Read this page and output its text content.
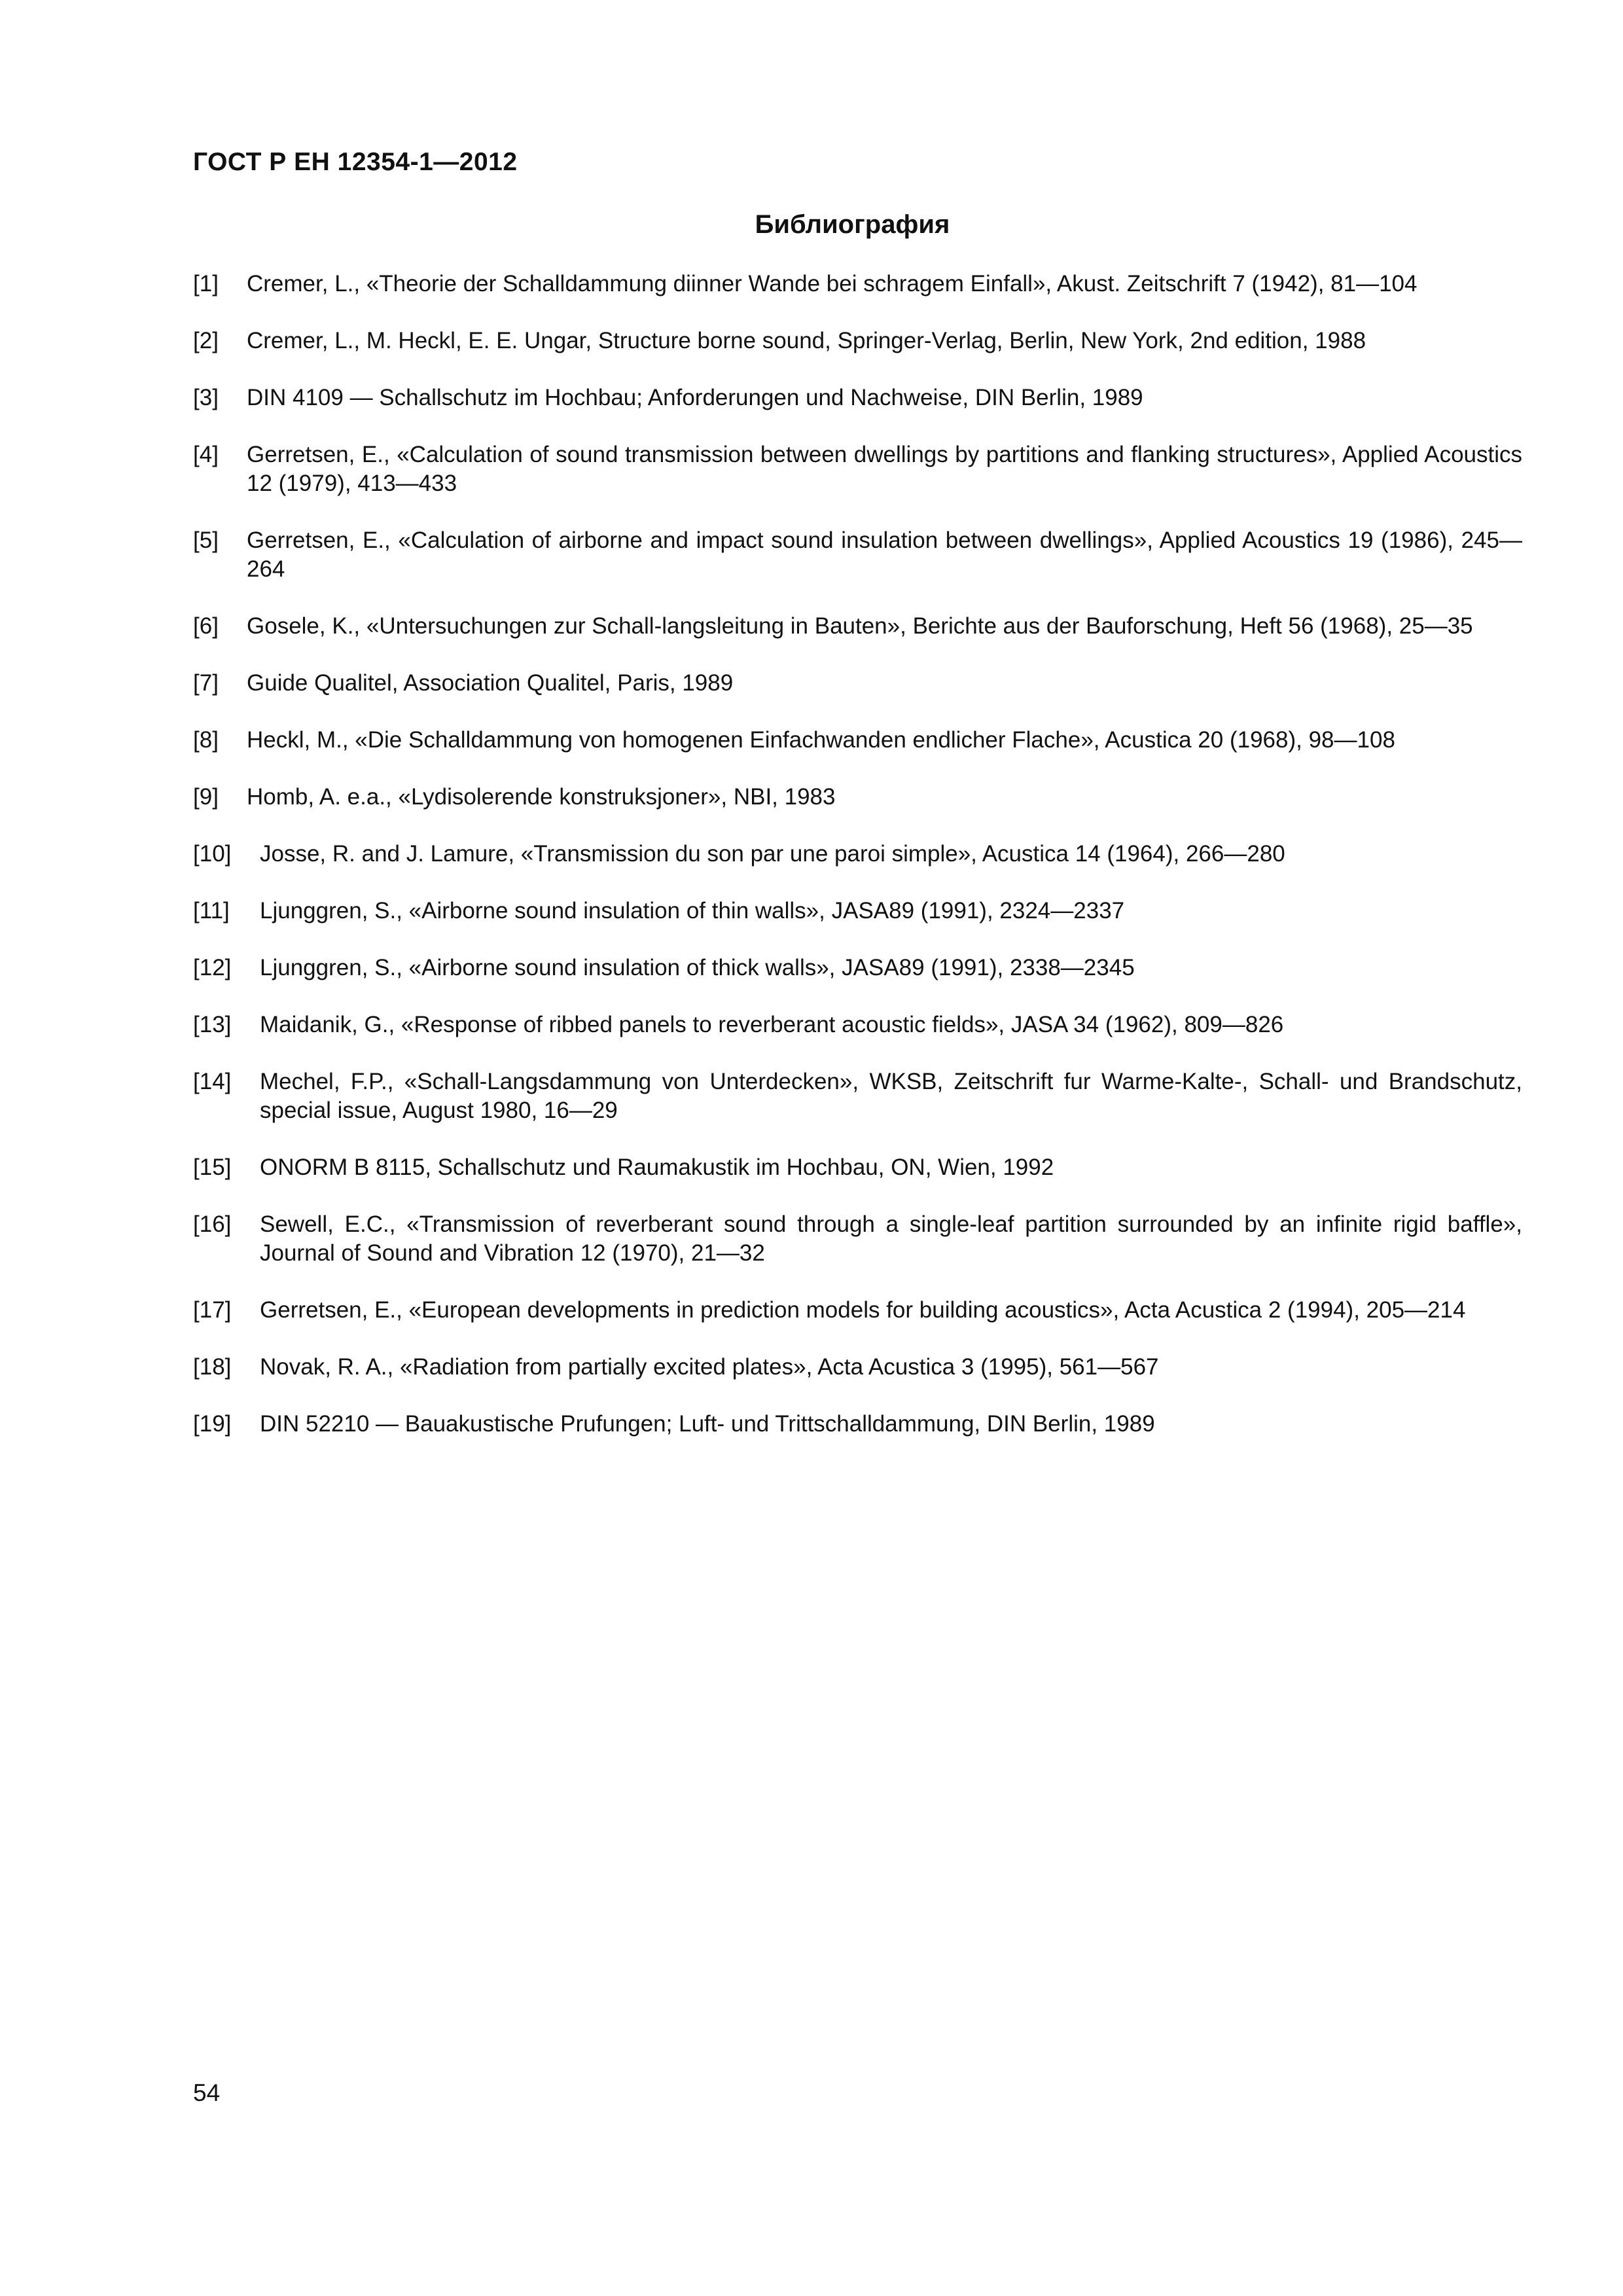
ГОСТ Р ЕН 12354-1—2012
Библиография
[1]	Cremer, L., «Theorie der Schalldammung diinner Wande bei schragem Einfall», Akust. Zeitschrift 7 (1942), 81—104
[2]	Cremer, L., M. Heckl, E. E. Ungar, Structure borne sound, Springer-Verlag, Berlin, New York, 2nd edition, 1988
[3]	DIN 4109 — Schallschutz im Hochbau; Anforderungen und Nachweise, DIN Berlin, 1989
[4]	Gerretsen, E., «Calculation of sound transmission between dwellings by partitions and flanking structures», Applied Acoustics 12 (1979), 413—433
[5]	Gerretsen, E., «Calculation of airborne and impact sound insulation between dwellings», Applied Acoustics 19 (1986), 245—264
[6]	Gosele, K., «Untersuchungen zur Schall-langsleitung in Bauten», Berichte aus der Bauforschung, Heft 56 (1968), 25—35
[7]	Guide Qualitel, Association Qualitel, Paris, 1989
[8]	Heckl, M., «Die Schalldammung von homogenen Einfachwanden endlicher Flache», Acustica 20 (1968), 98—108
[9]	Homb, A. e.a., «Lydisolerende konstruksjoner», NBI, 1983
[10]	Josse, R. and J. Lamure, «Transmission du son par une paroi simple», Acustica 14 (1964), 266—280
[11]	Ljunggren, S., «Airborne sound insulation of thin walls», JASA89 (1991), 2324—2337
[12]	Ljunggren, S., «Airborne sound insulation of thick walls», JASA89 (1991), 2338—2345
[13]	Maidanik, G., «Response of ribbed panels to reverberant acoustic fields», JASA 34 (1962), 809—826
[14]	Mechel, F.P., «Schall-Langsdammung von Unterdecken», WKSB, Zeitschrift fur Warme-Kalte-, Schall- und Brandschutz, special issue, August 1980, 16—29
[15]	ONORM B 8115, Schallschutz und Raumakustik im Hochbau, ON, Wien, 1992
[16]	Sewell, E.C., «Transmission of reverberant sound through a single-leaf partition surrounded by an infinite rigid baffle», Journal of Sound and Vibration 12 (1970), 21—32
[17]	Gerretsen, E., «European developments in prediction models for building acoustics», Acta Acustica 2 (1994), 205—214
[18]	Novak, R. A., «Radiation from partially excited plates», Acta Acustica 3 (1995), 561—567
[19]	DIN 52210 — Bauakustische Prufungen; Luft- und Trittschalldammung, DIN Berlin, 1989
54
